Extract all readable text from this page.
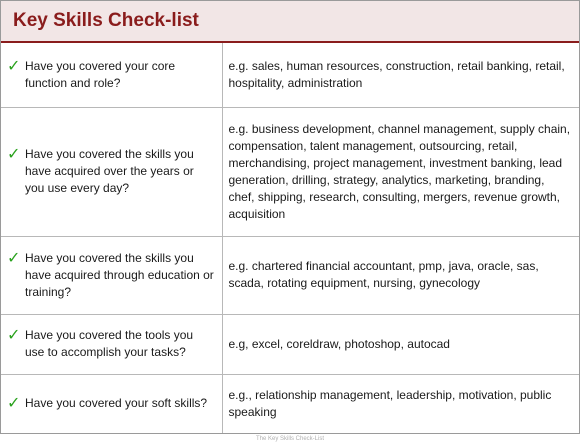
Key Skills Check-list
✓ Have you covered your core function and role?	e.g. sales, human resources, construction, retail banking, retail, hospitality, administration

✓ Have you covered the skills you have acquired over the years or you use every day?	e.g. business development, channel management, supply chain, compensation, talent management, outsourcing, retail, merchandising, project management, investment banking, lead generation, drilling, strategy, analytics, marketing, branding, chef, shipping, research, consulting, mergers, revenue growth, acquisition

✓ Have you covered the skills you have acquired through education or training?	e.g. chartered financial accountant, pmp, java, oracle, sas, scada, rotating equipment, nursing, gynecology

✓ Have you covered the tools you use to accomplish your tasks?	e.g, excel, coreldraw, photoshop, autocad

✓ Have you covered your soft skills?	e.g., relationship management, leadership, motivation, public speaking
The Key Skills Check-List
